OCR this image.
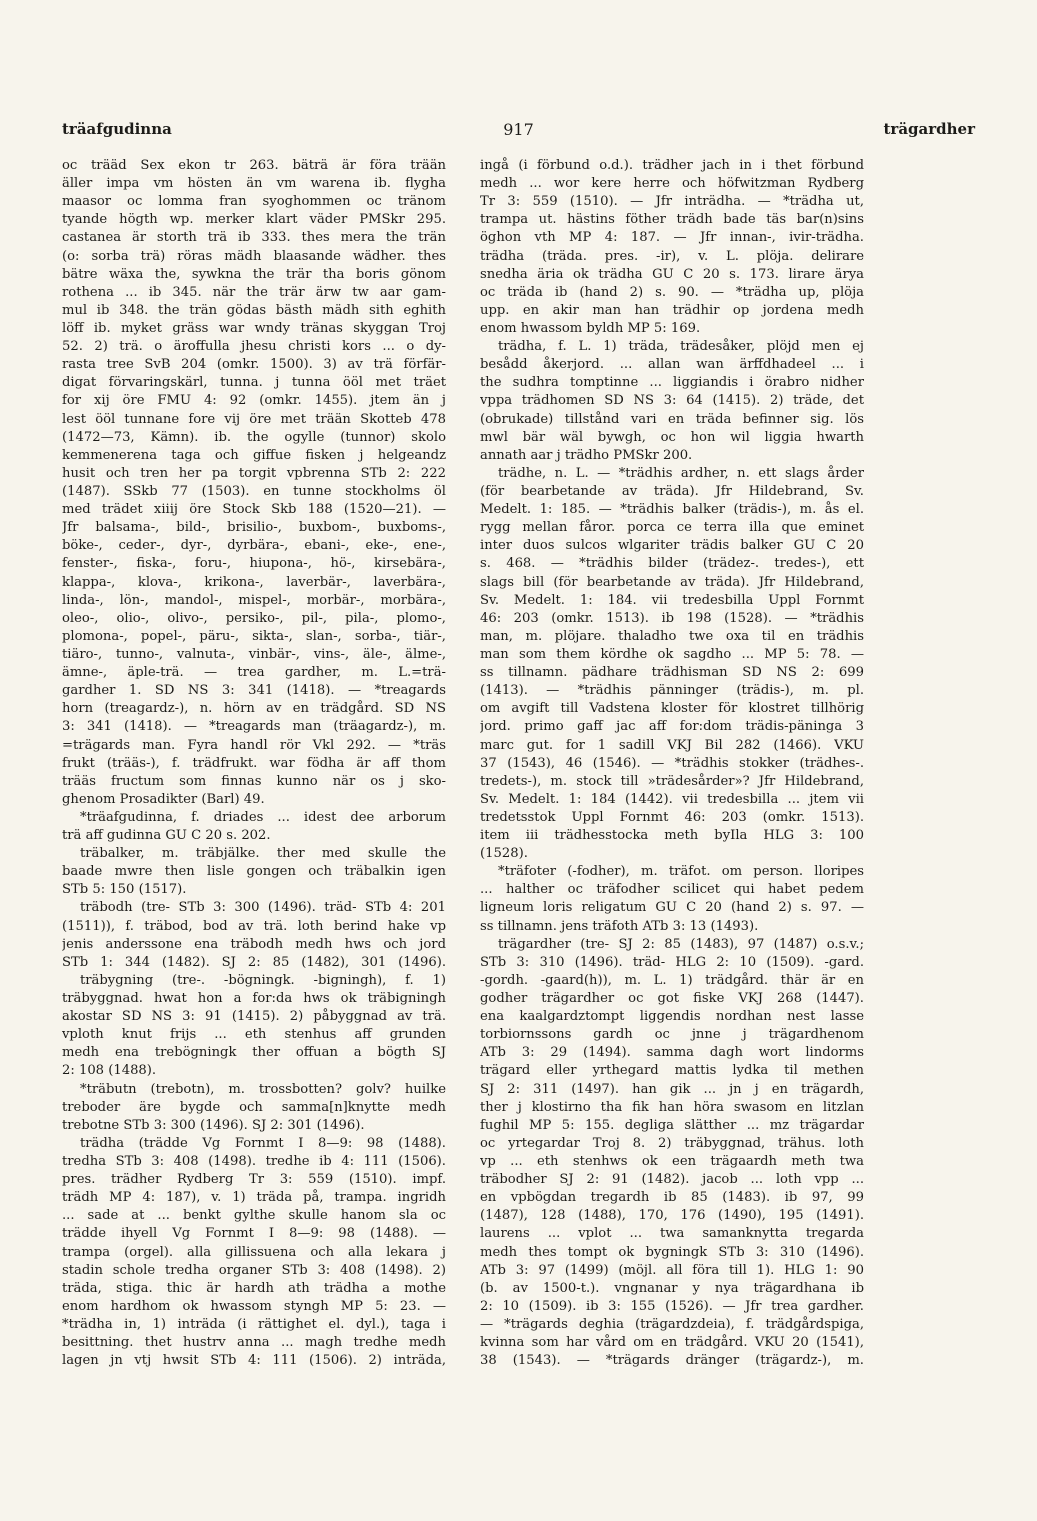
träafgudinna	917	trägardher
oc trääd Sex ekon tr 263. bäträ är föra trään
äller impa vm hösten än vm warena ib. flygha
maasor oc lomma fran syoghommen oc tränom
tyande högth wp. merker klart väder PMSkr 295.
castanea är storth trä ib 333. thes mera the trän
(o: sorba trä) röras mädh blaasande wädher. thes
bätre wäxa the, sywkna the trär tha boris gönom
rothena ... ib 345. när the trär ärw tw aar gam-
mul ib 348. the trän gödas bästh mädh sith eghith
löff ib. myket gräss war wndy tränas skyggan Troj
52. 2) trä. o äroffulla jhesu christi kors ... o dy-
rasta tree SvB 204 (omkr. 1500). 3) av trä förfär-
digat förvaringskärl, tunna. j tunna ööl met träet
for xij öre FMU 4: 92 (omkr. 1455). jtem än j
lest ööl tunnane fore vij öre met trään Skotteb 478
(1472—73, Kämn). ib. the ogylle (tunnor) skolo
kemmenerena taga och giffue fisken j helgeandz
husit och tren her pa torgit vpbrenna STb 2: 222
(1487). SSkb 77 (1503). en tunne stockholms öl
med trädet xiiij öre Stock Skb 188 (1520—21). —
Jfr balsama-, bild-, brisilio-, buxbom-, buxboms-,
böke-, ceder-, dyr-, dyrbära-, ebani-, eke-, ene-,
fenster-, fiska-, foru-, hiupona-, hö-, kirsebära-,
klappa-, klova-, krikona-, laverbär-, laverbära-,
linda-, lön-, mandol-, mispel-, morbär-, morbära-,
oleo-, olio-, olivo-, persiko-, pil-, pila-, plomo-,
plomona-, popel-, päru-, sikta-, slan-, sorba-, tiär-,
tiäro-, tunno-, valnuta-, vinbär-, vins-, äle-, älme-,
ämne-, äple-trä. — trea gardher, m. L.=trä-
gardher 1. SD NS 3: 341 (1418). — *treagards
horn (treagardz-), n. hörn av en trädgård. SD NS
3: 341 (1418). — *treagards man (träagardz-), m.
=trägards man. Fyra handl rör Vkl 292. — *träs
frukt (trääs-), f. trädfrukt. war födha är aff thom
trääs fructum som finnas kunno när os j sko-
ghenom Prosadikter (Barl) 49.
*träafgudinna, f. driades ... idest dee arborum
trä aff gudinna GU C 20 s. 202.
träbalker, m. träbjälke. ther med skulle the
baade mwre then lisle gongen och träbalkin igen
STb 5: 150 (1517).
träbodh (tre- STb 3: 300 (1496). träd- STb 4: 201
(1511)), f. träbod, bod av trä. loth berind hake vp
jenis anderssone ena träbodh medh hws och jord
STb 1: 344 (1482). SJ 2: 85 (1482), 301 (1496).
träbygning (tre-. -bögningk. -bigningh), f. 1)
träbyggnad. hwat hon a for:da hws ok träbigningh
akostar SD NS 3: 91 (1415). 2) påbyggnad av trä.
vploth knut frijs ... eth stenhus aff grunden
medh ena trebögningk ther offuan a bögth SJ
2: 108 (1488).
*träbutn (trebotn), m. trossbotten? golv? huilke
treboder äre bygde och samma[n]knytte medh
trebotne STb 3: 300 (1496). SJ 2: 301 (1496).
trädha (trädde Vg Fornmt I 8—9: 98 (1488).
tredha STb 3: 408 (1498). tredhe ib 4: 111 (1506).
pres. trädher Rydberg Tr 3: 559 (1510). impf.
trädh MP 4: 187), v. 1) träda på, trampa. ingridh
... sade at ... benkt gylthe skulle hanom sla oc
trädde ihyell Vg Fornmt I 8—9: 98 (1488). —
trampa (orgel). alla gillissuena och alla lekara j
stadin schole tredha organer STb 3: 408 (1498). 2)
träda, stiga. thic är hardh ath trädha a mothe
enom hardhom ok hwassom styngh MP 5: 23. —
*trädha in, 1) inträda (i rättighet el. dyl.), taga i
besittning. thet hustrv anna ... magh tredhe medh
lagen jn vtj hwsit STb 4: 111 (1506). 2) inträda,
ingå (i förbund o.d.). trädher jach in i thet förbund
medh ... wor kere herre och höfwitzman Rydberg
Tr 3: 559 (1510). — Jfr inträdha. — *trädha ut,
trampa ut. hästins föther trädh bade täs bar(n)sins
öghon vth MP 4: 187. — Jfr innan-, ivir-trädha.
trädha (träda. pres. -ir), v. L. plöja. delirare
snedha äria ok trädha GU C 20 s. 173. lirare ärya
oc träda ib (hand 2) s. 90. — *trädha up, plöja
upp. en akir man han trädhir op jordena medh
enom hwassom byldh MP 5: 169.
trädha, f. L. 1) träda, trädesåker, plöjd men ej
besådd åkerjord. ... allan wan ärffdhadeel ... i
the sudhra tomptinne ... liggiandis i örabro nidher
vppa trädhomen SD NS 3: 64 (1415). 2) träde, det
(obrukade) tillstånd vari en träda befinner sig. lös
mwl bär wäl bywgh, oc hon wil liggia hwarth
annath aar j trädho PMSkr 200.
trädhe, n. L. — *trädhis ardher, n. ett slags årder
(för bearbetande av träda). Jfr Hildebrand, Sv.
Medelt. 1: 185. — *trädhis balker (trädis-), m. ås el.
rygg mellan fåror. porca ce terra illa que eminet
inter duos sulcos wlgariter trädis balker GU C 20
s. 468. — *trädhis bilder (trädez-. tredes-), ett
slags bill (för bearbetande av träda). Jfr Hildebrand,
Sv. Medelt. 1: 184. vii tredesbilla Uppl Fornmt
46: 203 (omkr. 1513). ib 198 (1528). — *trädhis
man, m. plöjare. thaladho twe oxa til en trädhis
man som them kördhe ok sagdho ... MP 5: 78. —
ss tillnamn. pädhare trädhisman SD NS 2: 699
(1413). — *trädhis pänninger (trädis-), m. pl.
om avgift till Vadstena kloster för klostret tillhörig
jord. primo gaff jac aff for:dom trädis-päninga 3
marc gut. for 1 sadill VKJ Bil 282 (1466). VKU
37 (1543), 46 (1546). — *trädhis stokker (trädhes-.
tredets-), m. stock till »trädesårder»? Jfr Hildebrand,
Sv. Medelt. 1: 184 (1442). vii tredesbilla ... jtem vii
tredetsstok Uppl Fornmt 46: 203 (omkr. 1513).
item iii trädhesstocka meth byIla HLG 3: 100
(1528).
*träfoter (-fodher), m. träfot. om person. lloripes
... halther oc träfodher scilicet qui habet pedem
ligneum loris religatum GU C 20 (hand 2) s. 97. —
ss tillnamn. jens träfoth ATb 3: 13 (1493).
trägardher (tre- SJ 2: 85 (1483), 97 (1487) o.s.v.;
STb 3: 310 (1496). träd- HLG 2: 10 (1509). -gard.
-gordh. -gaard(h)), m. L. 1) trädgård. thär är en
godher trägardher oc got fiske VKJ 268 (1447).
ena kaalgardztompt liggendis nordhan nest lasse
torbiornssons gardh oc jnne j trägardhenom
ATb 3: 29 (1494). samma dagh wort lindorms
trägard eller yrthegard mattis lydka til methen
SJ 2: 311 (1497). han gik ... jn j en trägardh,
ther j klostirno tha fik han höra swasom en litzlan
fughil MP 5: 155. degliga slätther ... mz trägardar
oc yrtegardar Troj 8. 2) träbyggnad, trähus. loth
vp ... eth stenhws ok een trägaardh meth twa
träbodher SJ 2: 91 (1482). jacob ... loth vpp ...
en vpbögdan tregardh ib 85 (1483). ib 97, 99
(1487), 128 (1488), 170, 176 (1490), 195 (1491).
laurens ... vplot ... twa samanknytta tregarda
medh thes tompt ok bygningk STb 3: 310 (1496).
ATb 3: 97 (1499) (möjl. all föra till 1). HLG 1: 90
(b. av 1500-t.). vngnanar y nya trägardhana ib
2: 10 (1509). ib 3: 155 (1526). — Jfr trea gardher.
— *trägards deghia (trägardzdeia), f. trädgårdspiga,
kvinna som har vård om en trädgård. VKU 20 (1541),
38 (1543). — *trägards dränger (trägardz-), m.
